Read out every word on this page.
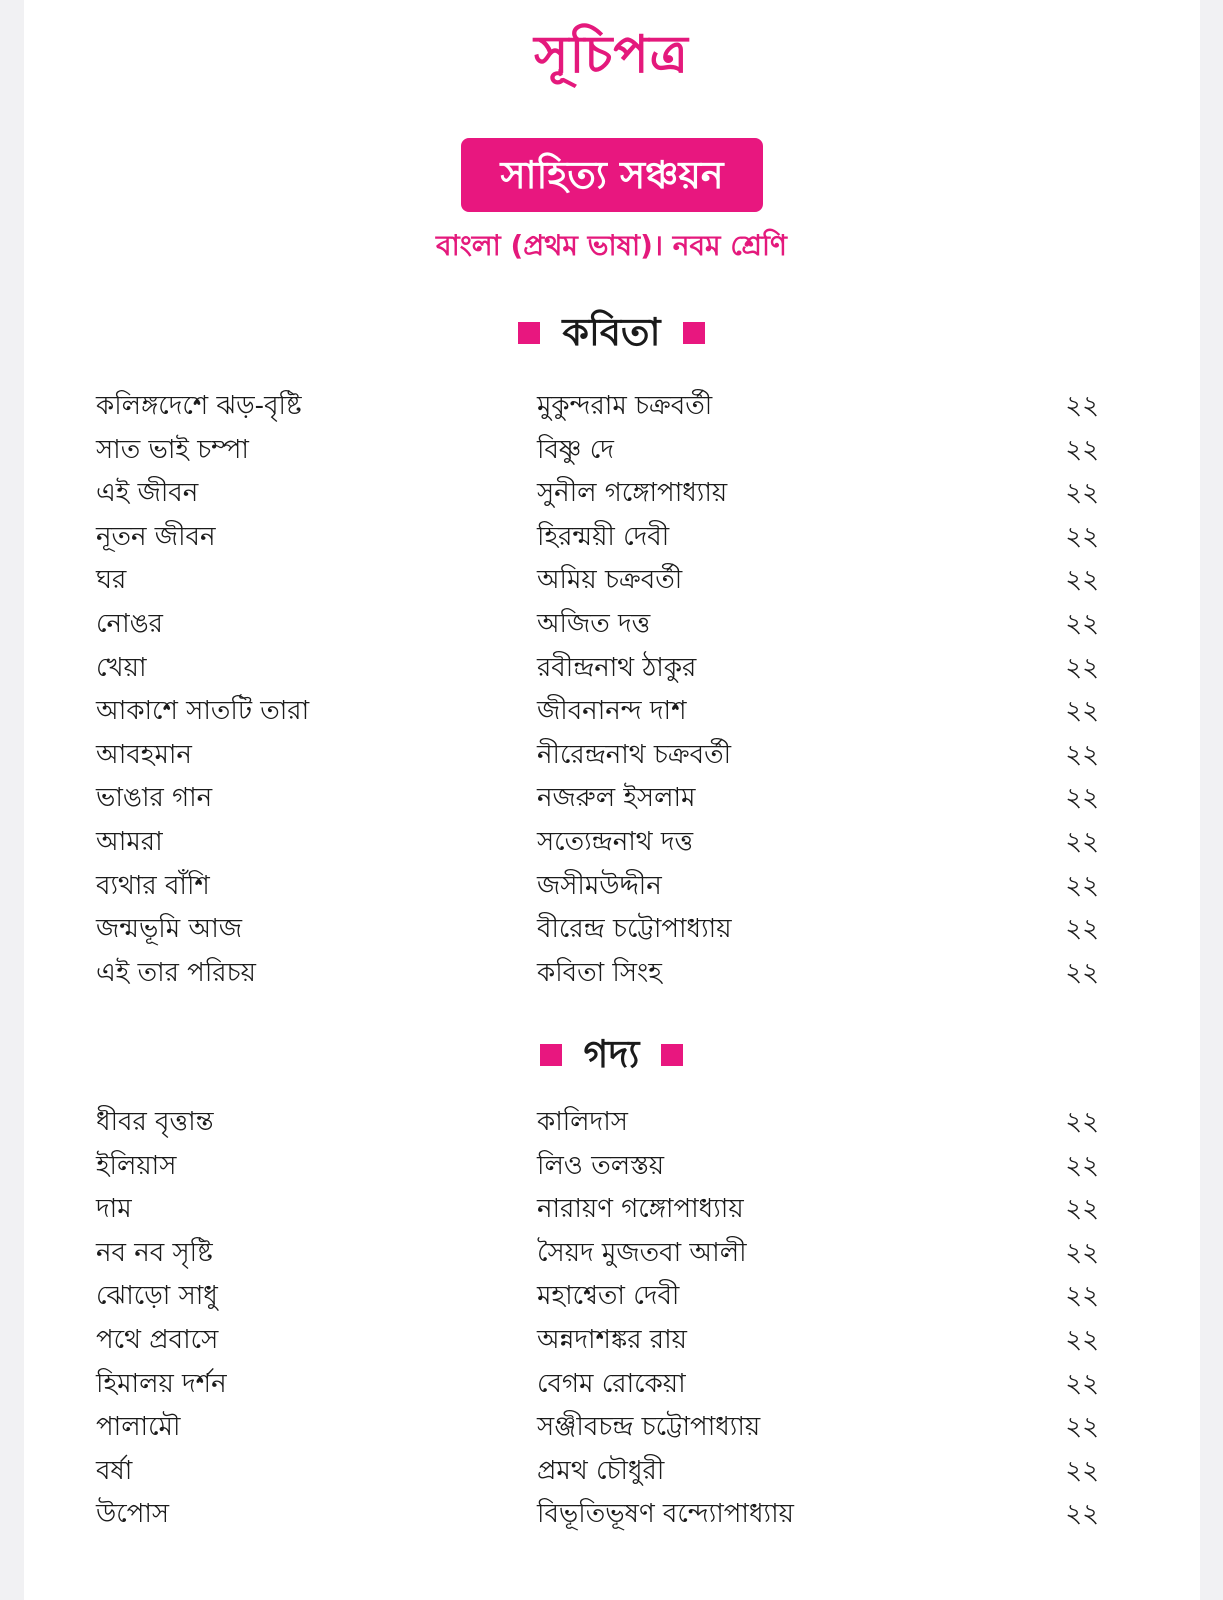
সূচিপত্র
সাহিত্য সঞ্চয়ন
বাংলা (প্রথম ভাষা)। নবম শ্রেণি
কবিতা
কলিঙ্গদেশে ঝড়-বৃষ্টি	মুকুন্দরাম চক্রবর্তী	২২
সাত ভাই চম্পা	বিষ্ণু দে	২২
এই জীবন	সুনীল গঙ্গোপাধ্যায়	২২
নূতন জীবন	হিরন্ময়ী দেবী	২২
ঘর	অমিয় চক্রবর্তী	২২
নোঙর	অজিত দত্ত	২২
খেয়া	রবীন্দ্রনাথ ঠাকুর	২২
আকাশে সাতটি তারা	জীবনানন্দ দাশ	২২
আবহমান	নীরেন্দ্রনাথ চক্রবর্তী	২২
ভাঙার গান	নজরুল ইসলাম	২২
আমরা	সত্যেন্দ্রনাথ দত্ত	২২
ব্যথার বাঁশি	জসীমউদ্দীন	২২
জন্মভূমি আজ	বীরেন্দ্র চট্টোপাধ্যায়	২২
এই তার পরিচয়	কবিতা সিংহ	২২
গদ্য
ধীবর বৃত্তান্ত	কালিদাস	২২
ইলিয়াস	লিও তলস্তয়	২২
দাম	নারায়ণ গঙ্গোপাধ্যায়	২২
নব নব সৃষ্টি	সৈয়দ মুজতবা আলী	২২
ঝোড়ো সাধু	মহাশ্বেতা দেবী	২২
পথে প্রবাসে	অন্নদাশঙ্কর রায়	২২
হিমালয় দর্শন	বেগম রোকেয়া	২২
পালামৌ	সঞ্জীবচন্দ্র চট্টোপাধ্যায়	২২
বর্ষা	প্রমথ চৌধুরী	২২
উপোস	বিভূতিভূষণ বন্দ্যোপাধ্যায়	২২
